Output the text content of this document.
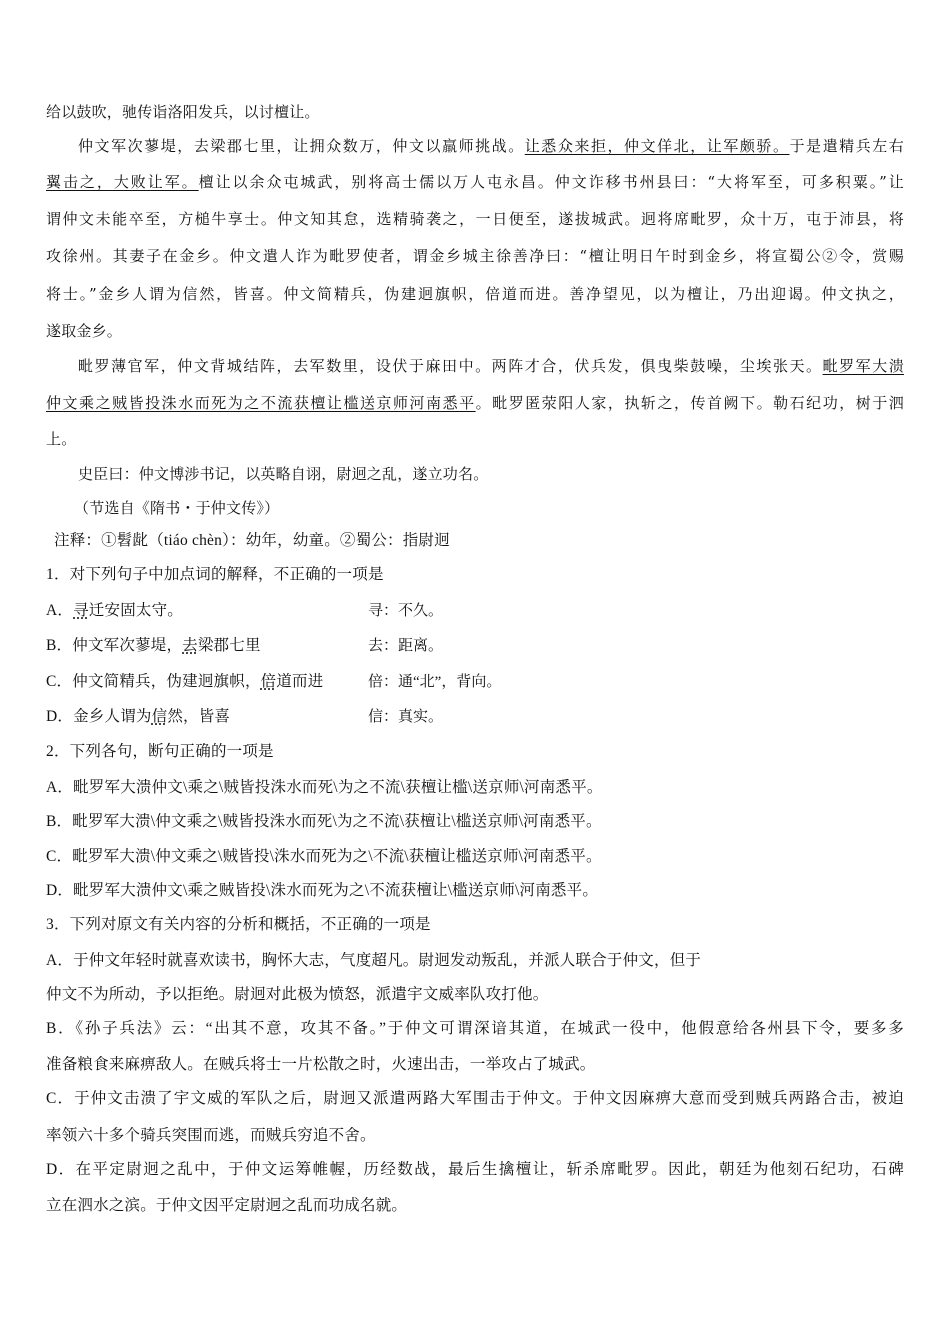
给以鼓吹，驰传诣洛阳发兵，以讨檀让。
仲文军次蓼堤，去梁郡七里，让拥众数万，仲文以羸师挑战。让悉众来拒，仲文佯北，让军颇骄。于是遣精兵左右
翼击之，大败让军。檀让以余众屯城武，别将高士儒以万人屯永昌。仲文诈移书州县曰：“大将军至，可多积粟。”让
谓仲文未能卒至，方槌牛享士。仲文知其怠，选精骑袭之，一日便至，遂拔城武。迥将席毗罗，众十万，屯于沛县，将
攻徐州。其妻子在金乡。仲文遣人诈为毗罗使者，谓金乡城主徐善净曰：“檀让明日午时到金乡，将宣蜀公②令，赏赐
将士。”金乡人谓为信然，皆喜。仲文简精兵，伪建迥旗帜，倍道而进。善净望见，以为檀让，乃出迎谒。仲文执之，
遂取金乡。
毗罗薄官军，仲文背城结阵，去军数里，设伏于麻田中。两阵才合，伏兵发，俱曳柴鼓噪，尘埃张天。毗罗军大溃
仲文乘之贼皆投洙水而死为之不流获檀让槛送京师河南悉平。毗罗匿荥阳人家，执斩之，传首阙下。勒石纪功，树于泗
上。
史臣曰：仲文博涉书记，以英略自诩，尉迥之乱，遂立功名。
（节选自《隋书・于仲文传》）
注释：①髫龀（tiáo chèn）：幼年，幼童。②蜀公：指尉迥
1．对下列句子中加点词的解释，不正确的一项是
A．寻迁安固太守。	寻：不久。
B．仲文军次蓼堤，去梁郡七里	去：距离。
C．仲文简精兵，伪建迥旗帜，倍道而进	倍：通“北”，背向。
D．金乡人谓为信然，皆喜	信：真实。
2．下列各句，断句正确的一项是
A．毗罗军大溃仲文\乘之\贼皆投洙水而死\为之不流\获檀让槛\送京师\河南悉平。
B．毗罗军大溃\仲文乘之\贼皆投洙水而死\为之不流\获檀让\槛送京师\河南悉平。
C．毗罗军大溃\仲文乘之\贼皆投\洙水而死为之\不流\获檀让槛送京师\河南悉平。
D．毗罗军大溃仲文\乘之贼皆投\洙水而死为之\不流获檀让\槛送京师\河南悉平。
3．下列对原文有关内容的分析和概括，不正确的一项是
A．于仲文年轻时就喜欢读书，胸怀大志，气度超凡。尉迥发动叛乱，并派人联合于仲文，但于
仲文不为所动，予以拒绝。尉迥对此极为愤怒，派遣宇文威率队攻打他。
B．《孙子兵法》云：“出其不意，攻其不备。”于仲文可谓深谙其道，在城武一役中，他假意给各州县下令，要多多
准备粮食来麻痹敌人。在贼兵将士一片松散之时，火速出击，一举攻占了城武。
C．于仲文击溃了宇文威的军队之后，尉迥又派遣两路大军围击于仲文。于仲文因麻痹大意而受到贼兵两路合击，被迫
率领六十多个骑兵突围而逃，而贼兵穷追不舍。
D．在平定尉迥之乱中，于仲文运筹帷幄，历经数战，最后生擒檀让，斩杀席毗罗。因此，朝廷为他刻石纪功，石碑
立在泗水之滨。于仲文因平定尉迥之乱而功成名就。
